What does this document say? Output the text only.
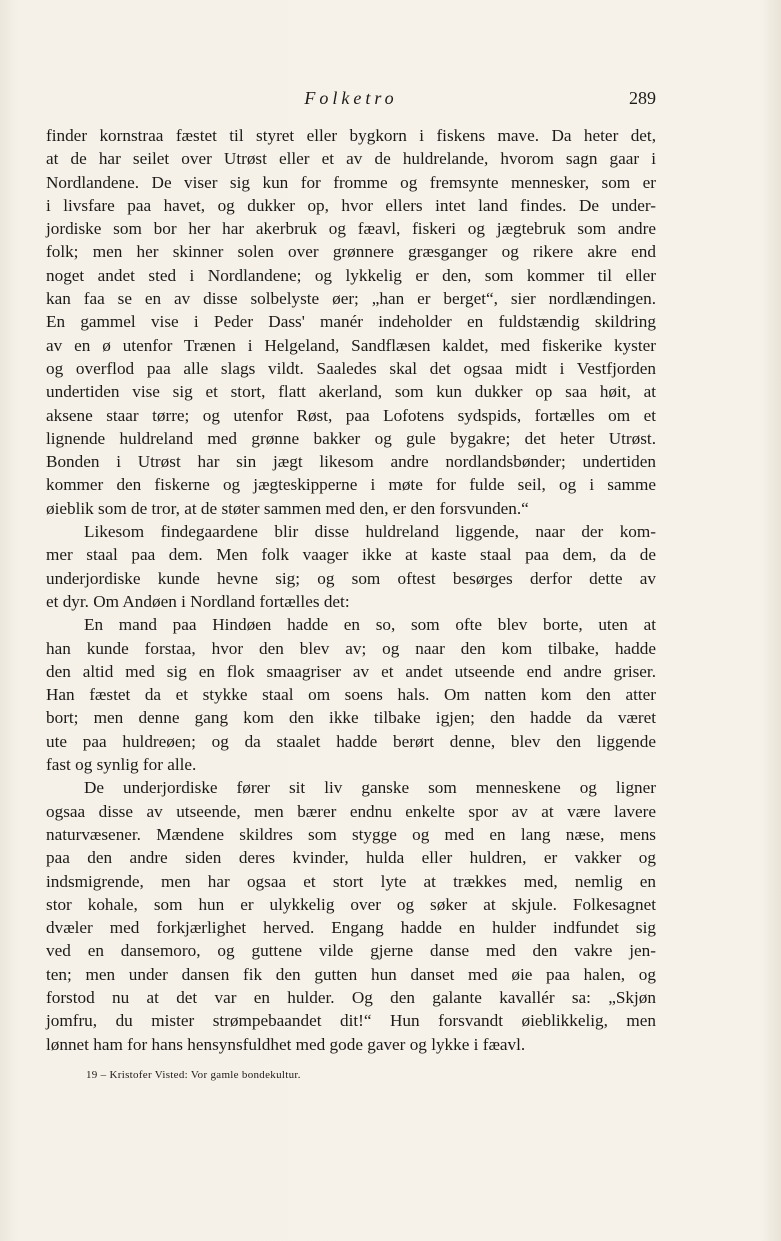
Folketro	289
finder kornstraa fæstet til styret eller bygkorn i fiskens mave. Da heter det,
at de har seilet over Utrøst eller et av de huldrelande, hvorom sagn gaar i
Nordlandene. De viser sig kun for fromme og fremsynte mennesker, som er
i livsfare paa havet, og dukker op, hvor ellers intet land findes. De under-
jordiske som bor her har akerbruk og fæavl, fiskeri og jægtebruk som andre
folk; men her skinner solen over grønnere græsganger og rikere akre end
noget andet sted i Nordlandene; og lykkelig er den, som kommer til eller
kan faa se en av disse solbelyste øer; „han er berget“, sier nordlændingen.
En gammel vise i Peder Dass' manér indeholder en fuldstændig skildring
av en ø utenfor Trænen i Helgeland, Sandflæsen kaldet, med fiskerike kyster
og overflod paa alle slags vildt. Saaledes skal det ogsaa midt i Vestfjorden
undertiden vise sig et stort, flatt akerland, som kun dukker op saa høit, at
aksene staar tørre; og utenfor Røst, paa Lofotens sydspids, fortælles om et
lignende huldreland med grønne bakker og gule bygakre; det heter Utrøst.
Bonden i Utrøst har sin jægt likesom andre nordlandsbønder; undertiden
kommer den fiskerne og jægteskipperne i møte for fulde seil, og i samme
øieblik som de tror, at de støter sammen med den, er den forsvunden.“
Likesom findegaardene blir disse huldreland liggende, naar der kom-
mer staal paa dem. Men folk vaager ikke at kaste staal paa dem, da de
underjordiske kunde hevne sig; og som oftest besørges derfor dette av
et dyr. Om Andøen i Nordland fortælles det:
En mand paa Hindøen hadde en so, som ofte blev borte, uten at
han kunde forstaa, hvor den blev av; og naar den kom tilbake, hadde
den altid med sig en flok smaagriser av et andet utseende end andre griser.
Han fæstet da et stykke staal om soens hals. Om natten kom den atter
bort; men denne gang kom den ikke tilbake igjen; den hadde da været
ute paa huldreøen; og da staalet hadde berørt denne, blev den liggende
fast og synlig for alle.
De underjordiske fører sit liv ganske som menneskene og ligner
ogsaa disse av utseende, men bærer endnu enkelte spor av at være lavere
naturvæsener. Mændene skildres som stygge og med en lang næse, mens
paa den andre siden deres kvinder, hulda eller huldren, er vakker og
indsmigrende, men har ogsaa et stort lyte at trækkes med, nemlig en
stor kohale, som hun er ulykkelig over og søker at skjule. Folkesagnet
dvæler med forkjærlighet herved. Engang hadde en hulder indfundet sig
ved en dansemoro, og guttene vilde gjerne danse med den vakre jen-
ten; men under dansen fik den gutten hun danset med øie paa halen, og
forstod nu at det var en hulder. Og den galante kavallér sa: „Skjøn
jomfru, du mister strømpebaandet dit!“ Hun forsvandt øieblikkelig, men
lønnet ham for hans hensynsfuldhet med gode gaver og lykke i fæavl.
19 – Kristofer Visted: Vor gamle bondekultur.
